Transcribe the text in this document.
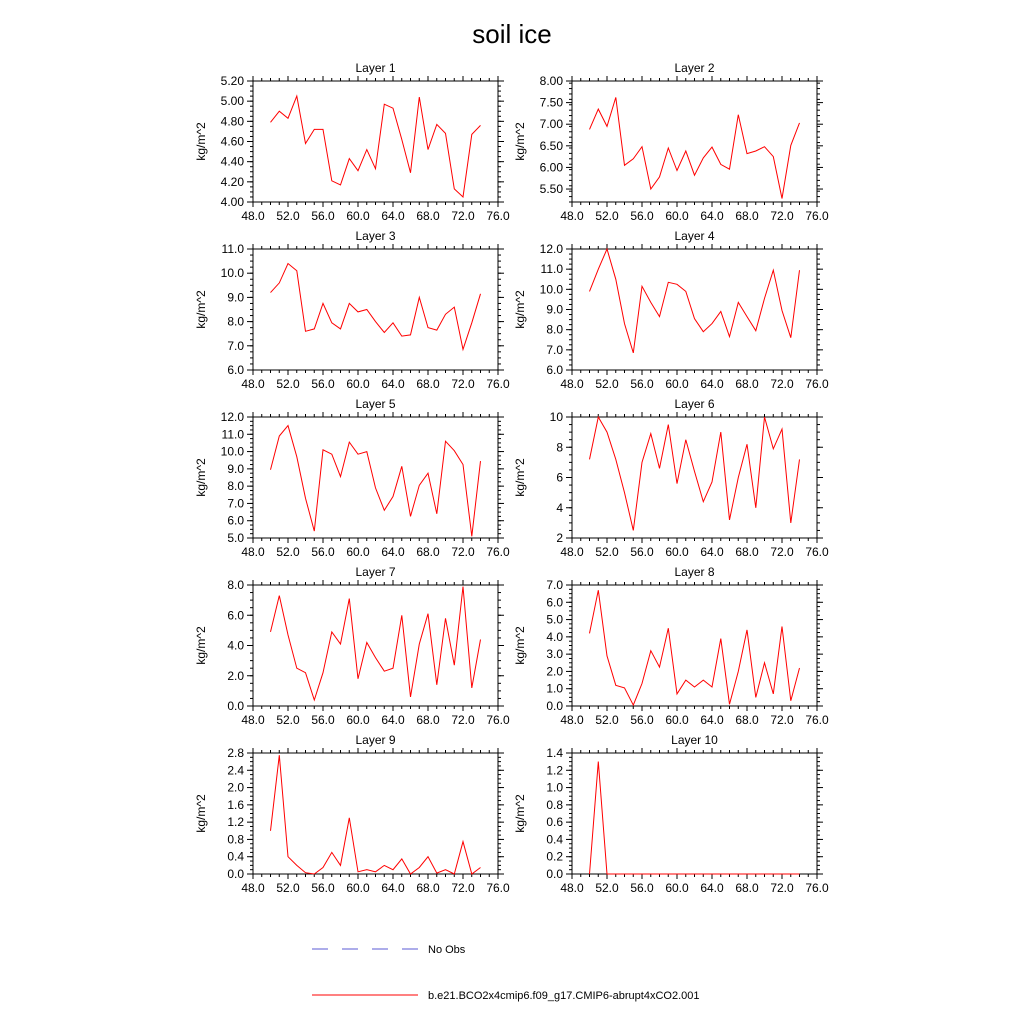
soil ice
Layer 1
48.0 52.0 56.0 60.0 64.0 68.0 72.0 76.0
4.00
4.20
4.40
4.60
4.80
5.00
5.20
kg/m^2
Layer 2
48.0 52.0 56.0 60.0 64.0 68.0 72.0 76.0
5.50
6.00
6.50
7.00
7.50
8.00
kg/m^2
Layer 3
48.0 52.0 56.0 60.0 64.0 68.0 72.0 76.0
6.0
7.0
8.0
9.0
10.0
11.0
kg/m^2
Layer 4
48.0 52.0 56.0 60.0 64.0 68.0 72.0 76.0
6.0
7.0
8.0
9.0
10.0
11.0
12.0
kg/m^2
Layer 5
48.0 52.0 56.0 60.0 64.0 68.0 72.0 76.0
5.0
6.0
7.0
8.0
9.0
10.0
11.0
12.0
kg/m^2
Layer 6
48.0 52.0 56.0 60.0 64.0 68.0 72.0 76.0
2
4
6
8
10
kg/m^2
Layer 7
48.0 52.0 56.0 60.0 64.0 68.0 72.0 76.0
0.0
2.0
4.0
6.0
8.0
kg/m^2
Layer 8
48.0 52.0 56.0 60.0 64.0 68.0 72.0 76.0
0.0
1.0
2.0
3.0
4.0
5.0
6.0
7.0
kg/m^2
Layer 9
48.0 52.0 56.0 60.0 64.0 68.0 72.0 76.0
0.0
0.4
0.8
1.2
1.6
2.0
2.4
2.8
kg/m^2
Layer 10
48.0 52.0 56.0 60.0 64.0 68.0 72.0 76.0
0.0
0.2
0.4
0.6
0.8
1.0
1.2
1.4
kg/m^2
No Obs
b.e21.BCO2x4cmip6.f09_g17.CMIP6-abrupt4xCO2.001
